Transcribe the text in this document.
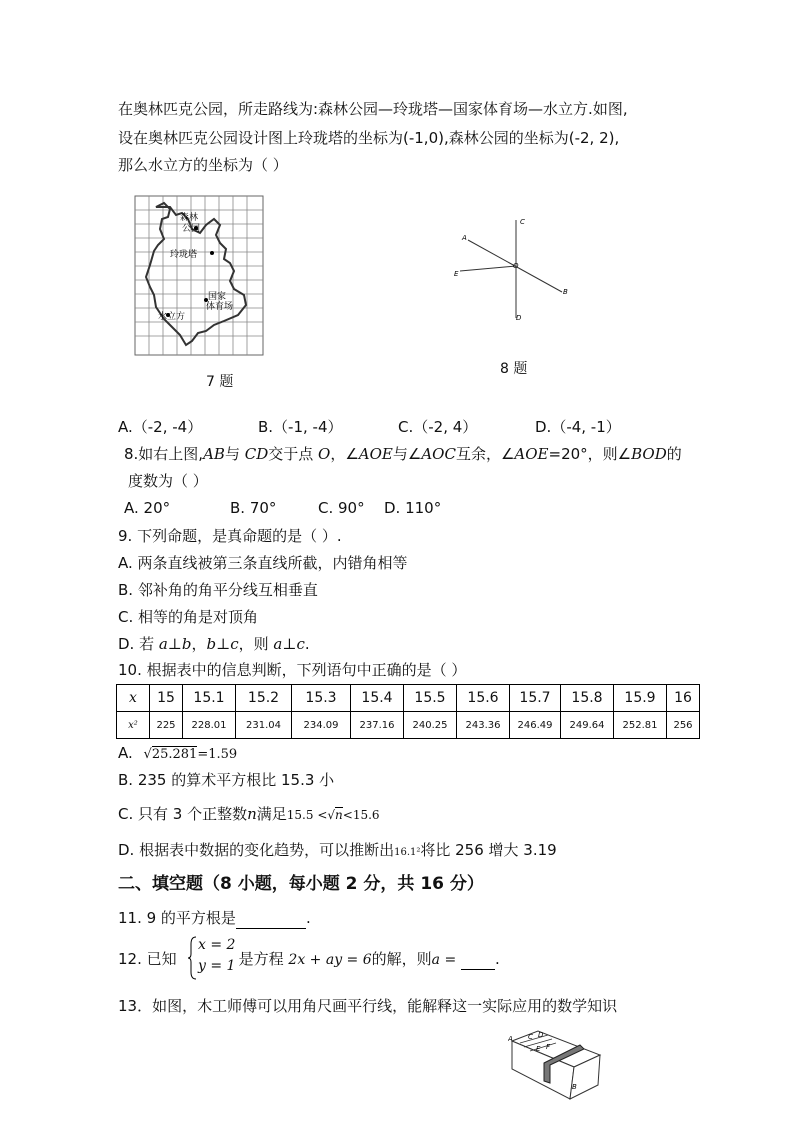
在奥林匹克公园，所走路线为:森林公园—玲珑塔—国家体育场—水立方.如图,
设在奥林匹克公园设计图上玲珑塔的坐标为(-1,0),森林公园的坐标为(-2, 2),
那么水立方的坐标为（ ）
森林
公园
玲珑塔
国家
体育场
水立方
7 题
C
A
O
E
B
D
8 题
A.（-2, -4）	B.（-1, -4）	C.（-2, 4）	D.（-4, -1）
8.如右上图,AB与 CD交于点 O，∠AOE与∠AOC互余，∠AOE=20°，则∠BOD的
度数为（ ）
A. 20°	B. 70°	C. 90° D. 110°
9. 下列命题，是真命题的是（ ）.
A. 两条直线被第三条直线所截，内错角相等
B. 邻补角的角平分线互相垂直
C. 相等的角是对顶角
D. 若 a⊥b，b⊥c，则 a⊥c.
10. 根据表中的信息判断，下列语句中正确的是（ ）
x	15	15.1	15.2	15.3	15.4	15.5	15.6	15.7	15.8	15.9	16
x²	225	228.01	231.04	234.09	237.16	240.25	243.36	246.49	249.64	252.81	256
A. √25.281=1.59
B. 235 的算术平方根比 15.3 小
C. 只有 3 个正整数n满足15.5 <√n<15.6
D. 根据表中数据的变化趋势，可以推断出16.1²将比 256 增大 3.19
二、填空题（8 小题，每小题 2 分，共 16 分）
11. 9 的平方根是	.
12. 已知	是方程 2x + ay = 6的解，则a =	.
x = 2
y = 1
13．如图，木工师傅可以用角尺画平行线，能解释这一实际应用的数学知识
A C D
E F
B
